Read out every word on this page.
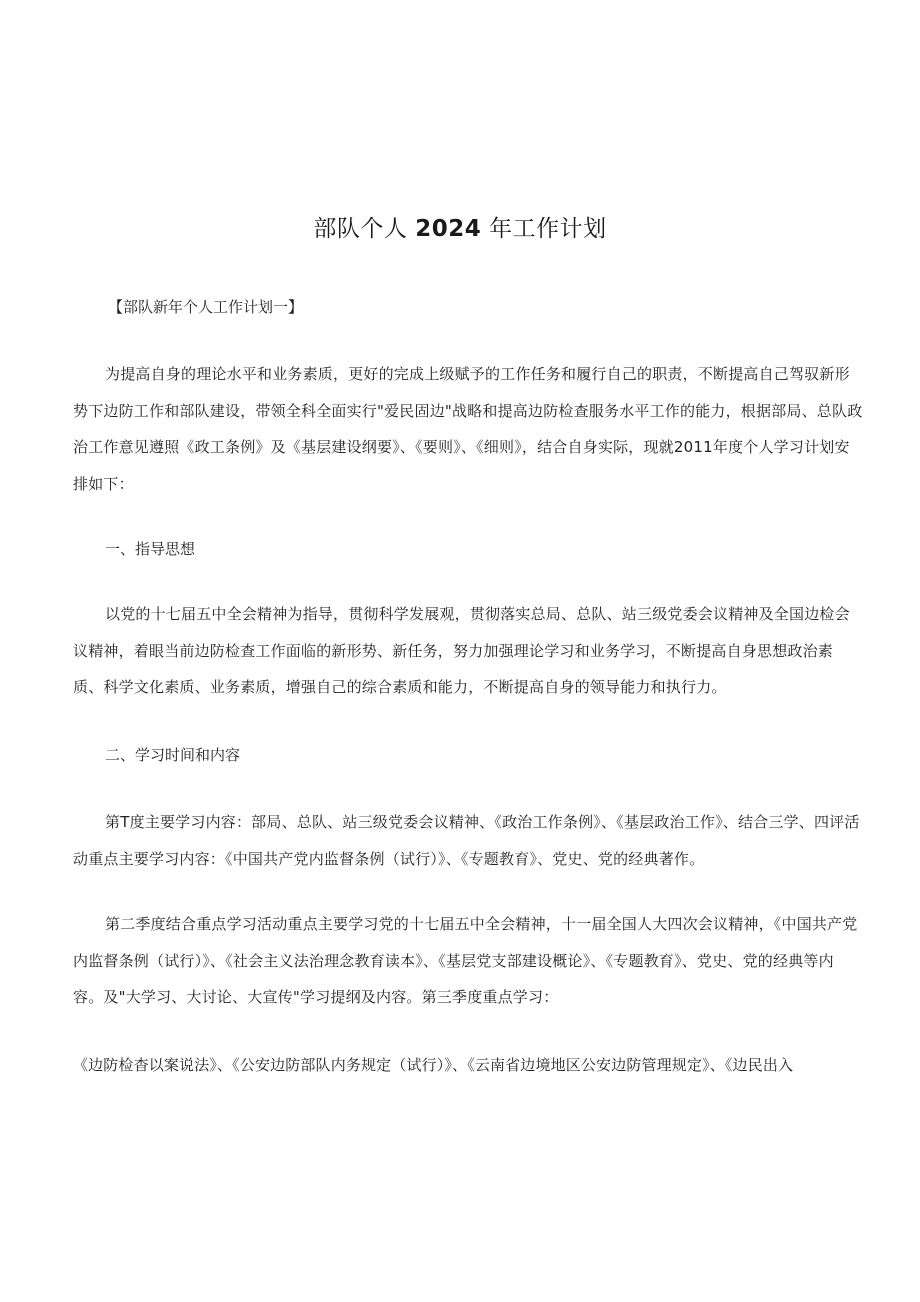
部队个人 2024 年工作计划
【部队新年个人工作计划一】
为提高自身的理论水平和业务素质，更好的完成上级赋予的工作任务和履行自己的职责，不断提高自己驾驭新形势下边防工作和部队建设，带领全科全面实行"爱民固边"战略和提高边防检查服务水平工作的能力，根据部局、总队政治工作意见遵照《政工条例》及《基层建设纲要》、《要则》、《细则》，结合自身实际，现就2011年度个人学习计划安排如下：
一、指导思想
以党的十七届五中全会精神为指导，贯彻科学发展观，贯彻落实总局、总队、站三级党委会议精神及全国边检会议精神，着眼当前边防检查工作面临的新形势、新任务，努力加强理论学习和业务学习，不断提高自身思想政治素质、科学文化素质、业务素质，增强自己的综合素质和能力，不断提高自身的领导能力和执行力。
二、学习时间和内容
第T度主要学习内容：部局、总队、站三级党委会议精神、《政治工作条例》、《基层政治工作》、结合三学、四评活动重点主要学习内容：《中国共产党内监督条例（试行）》、《专题教育》、党史、党的经典著作。
第二季度结合重点学习活动重点主要学习党的十七届五中全会精神，十一届全国人大四次会议精神，《中国共产党内监督条例（试行）》、《社会主义法治理念教育读本》、《基层党支部建设概论》、《专题教育》、党史、党的经典等内容。及"大学习、大讨论、大宣传"学习提纲及内容。第三季度重点学习：
《边防检杳以案说法》、《公安边防部队内务规定（试行）》、《云南省边境地区公安边防管理规定》、《边民出入
